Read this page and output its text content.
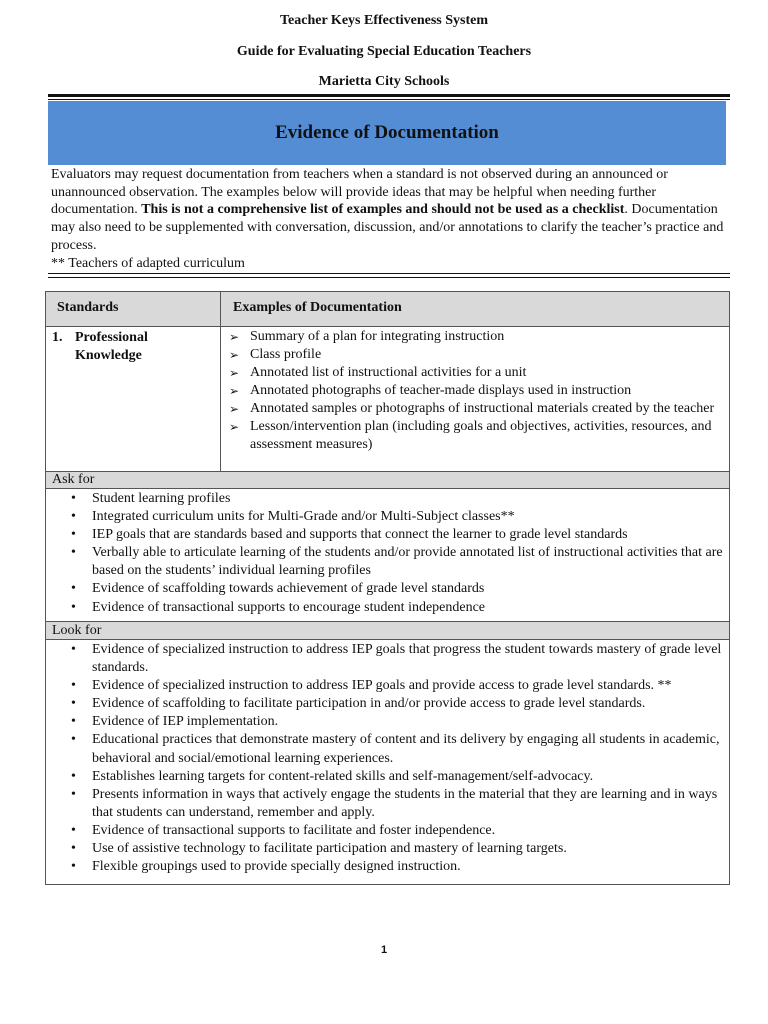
Teacher Keys Effectiveness System
Guide for Evaluating Special Education Teachers
Marietta City Schools
Evidence of Documentation
Evaluators may request documentation from teachers when a standard is not observed during an announced or unannounced observation. The examples below will provide ideas that may be helpful when needing further documentation. This is not a comprehensive list of examples and should not be used as a checklist. Documentation may also need to be supplemented with conversation, discussion, and/or annotations to clarify the teacher’s practice and process.
** Teachers of adapted curriculum
Standards	Examples of Documentation
1. Professional

Knowledge
➢ Summary of a plan for integrating instruction
➢ Class profile
➢ Annotated list of instructional activities for a unit
➢ Annotated photographs of teacher-made displays used in instruction
➢ Annotated samples or photographs of instructional materials created by the teacher
➢ Lesson/intervention plan (including goals and objectives, activities, resources, and assessment measures)
Ask for
• Student learning profiles
• Integrated curriculum units for Multi-Grade and/or Multi-Subject classes**
• IEP goals that are standards based and supports that connect the learner to grade level standards
• Verbally able to articulate learning of the students and/or provide annotated list of instructional activities that are based on the students’ individual learning profiles
• Evidence of scaffolding towards achievement of grade level standards
• Evidence of transactional supports to encourage student independence
Look for
• Evidence of specialized instruction to address IEP goals that progress the student towards mastery of grade level standards.
• Evidence of specialized instruction to address IEP goals and provide access to grade level standards. **
• Evidence of scaffolding to facilitate participation in and/or provide access to grade level standards.
• Evidence of IEP implementation.
• Educational practices that demonstrate mastery of content and its delivery by engaging all students in academic, behavioral and social/emotional learning experiences.
• Establishes learning targets for content-related skills and self-management/self-advocacy.
• Presents information in ways that actively engage the students in the material that they are learning and in ways that students can understand, remember and apply.
• Evidence of transactional supports to facilitate and foster independence.
• Use of assistive technology to facilitate participation and mastery of learning targets.
• Flexible groupings used to provide specially designed instruction.
1
